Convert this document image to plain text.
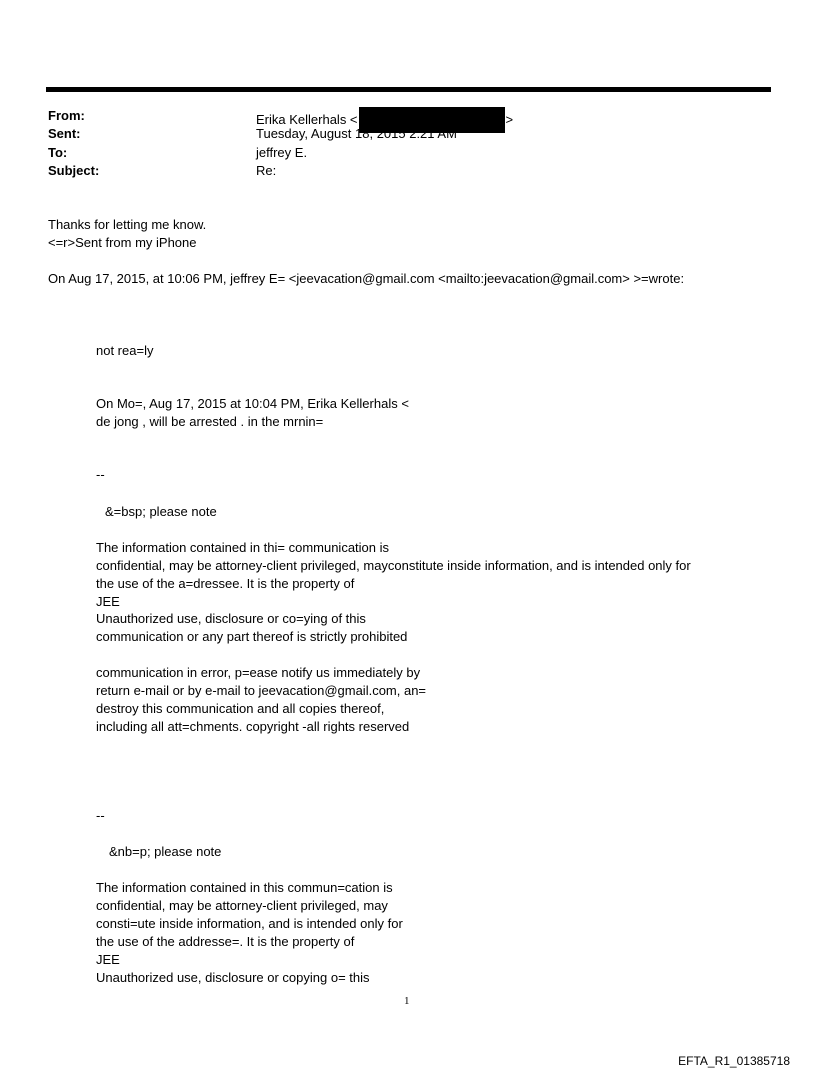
From:	Erika Kellerhals <	>
Sent:	Tuesday, August 18, 2015 2:21 AM
To:	jeffrey E.
Subject:	Re:
Thanks for letting me know.
<=r>Sent from my iPhone
On Aug 17, 2015, at 10:06 PM, jeffrey E= <jeevacation@gmail.com <mailto:jeevacation@gmail.com> >=wrote:
not rea=ly
On Mo=, Aug 17, 2015 at 10:04 PM, Erika Kellerhals <
de jong , will be arrested . in the mrnin=
--
&=bsp; please note
The information contained in thi= communication is
confidential, may be attorney-client privileged, mayconstitute inside information, and is intended only for
the use of the a=dressee. It is the property of
JEE
Unauthorized use, disclosure or co=ying of this
communication or any part thereof is strictly prohibited
communication in error, p=ease notify us immediately by
return e-mail or by e-mail to jeevacation@gmail.com, an=
destroy this communication and all copies thereof,
including all att=chments. copyright -all rights reserved
--
&nb=p; please note
The information contained in this commun=cation is
confidential, may be attorney-client privileged, may
consti=ute inside information, and is intended only for
the use of the addresse=. It is the property of
JEE
Unauthorized use, disclosure or copying o= this
1
EFTA_R1_01385718
